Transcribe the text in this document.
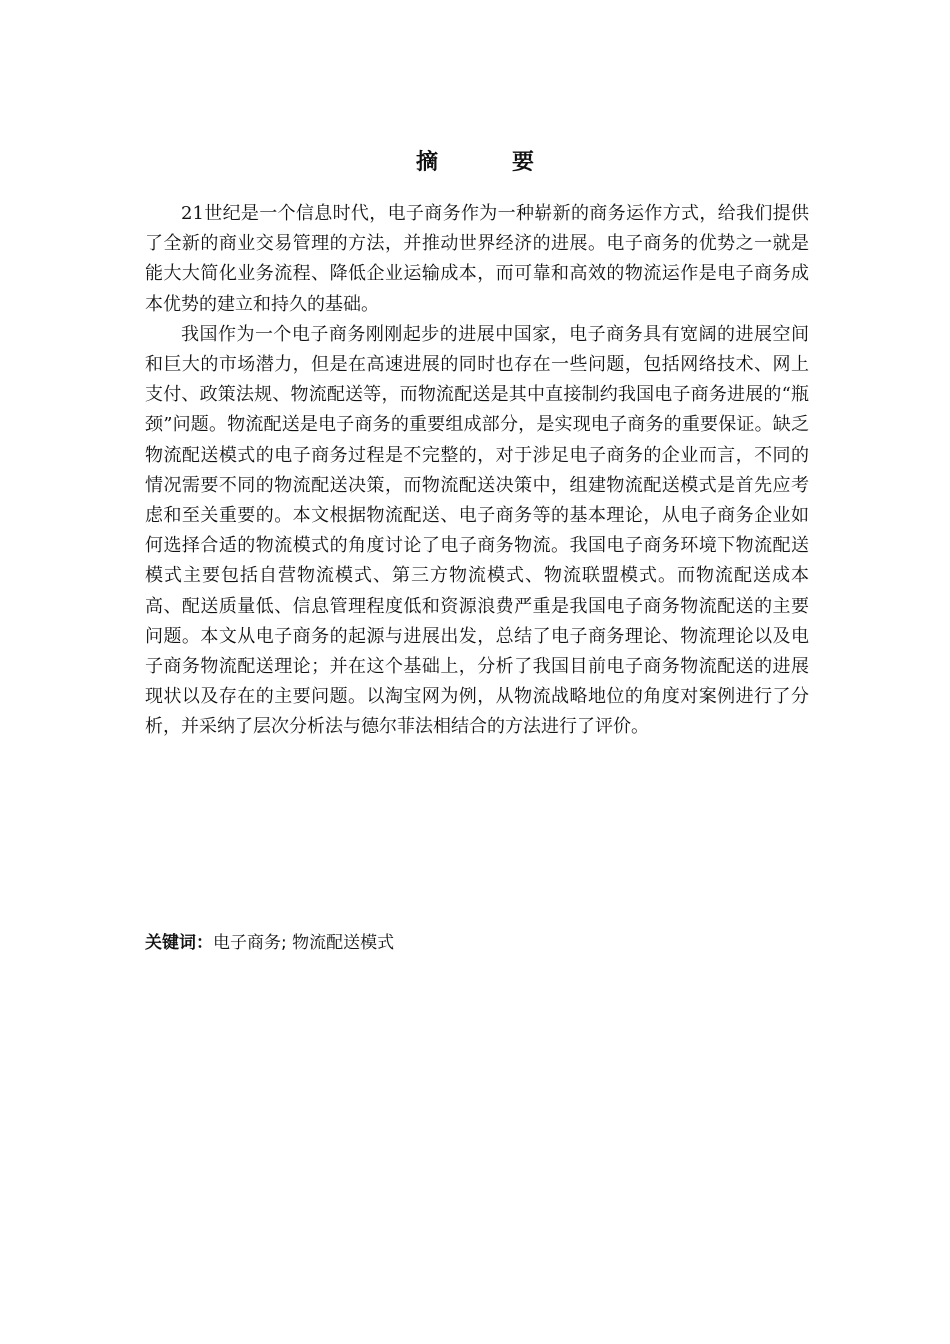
摘　要

21世纪是一个信息时代，电子商务作为一种崭新的商务运作方式，给我们提供了全新的商业交易管理的方法，并推动世界经济的进展。电子商务的优势之一就是能大大简化业务流程、降低企业运输成本，而可靠和高效的物流运作是电子商务成本优势的建立和持久的基础。

我国作为一个电子商务刚刚起步的进展中国家，电子商务具有宽阔的进展空间和巨大的市场潜力，但是在高速进展的同时也存在一些问题，包括网络技术、网上支付、政策法规、物流配送等，而物流配送是其中直接制约我国电子商务进展的“瓶颈”问题。物流配送是电子商务的重要组成部分，是实现电子商务的重要保证。缺乏物流配送模式的电子商务过程是不完整的，对于涉足电子商务的企业而言，不同的情况需要不同的物流配送决策，而物流配送决策中，组建物流配送模式是首先应考虑和至关重要的。本文根据物流配送、电子商务等的基本理论，从电子商务企业如何选择合适的物流模式的角度讨论了电子商务物流。我国电子商务环境下物流配送模式主要包括自营物流模式、第三方物流模式、物流联盟模式。而物流配送成本高、配送质量低、信息管理程度低和资源浪费严重是我国电子商务物流配送的主要问题。本文从电子商务的起源与进展出发，总结了电子商务理论、物流理论以及电子商务物流配送理论；并在这个基础上，分析了我国目前电子商务物流配送的进展现状以及存在的主要问题。以淘宝网为例，从物流战略地位的角度对案例进行了分析，并采纳了层次分析法与德尔菲法相结合的方法进行了评价。

关键词：电子商务; 物流配送模式
